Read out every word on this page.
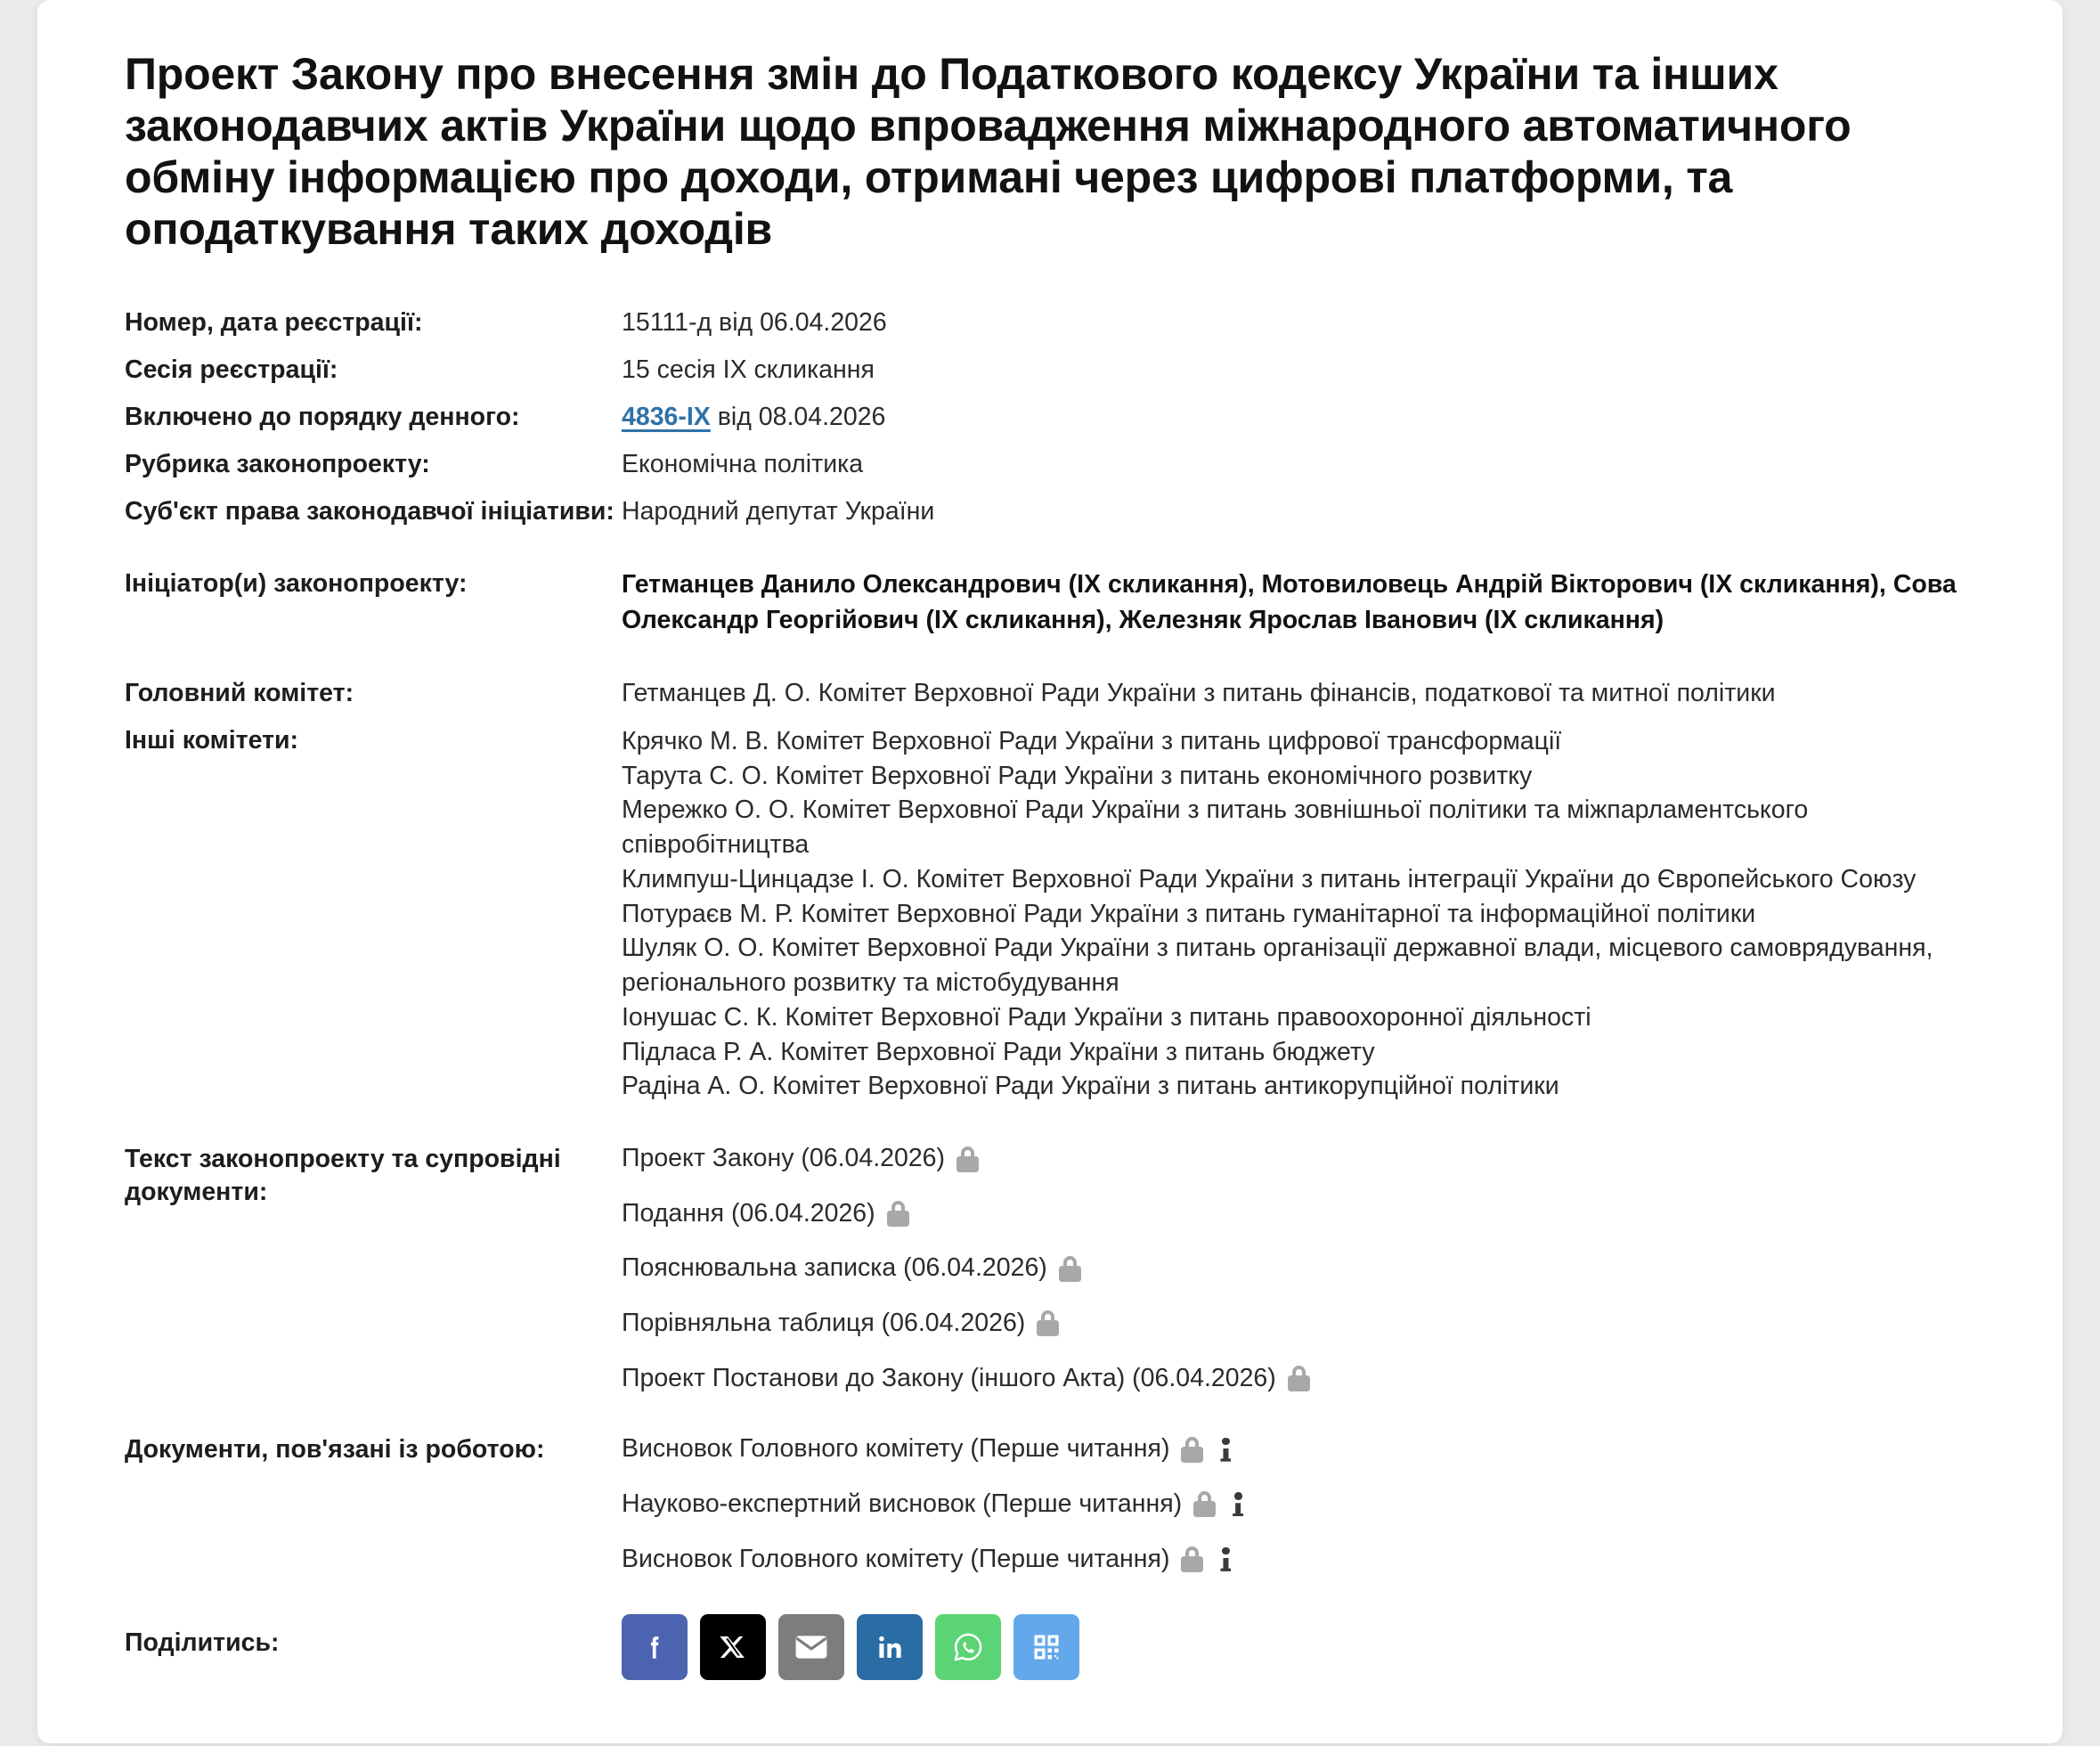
Проект Закону про внесення змін до Податкового кодексу України та інших законодавчих актів України щодо впровадження міжнародного автоматичного обміну інформацією про доходи, отримані через цифрові платформи, та оподаткування таких доходів
Номер, дата реєстрації:	15111-д від 06.04.2026
Сесія реєстрації:	15 сесія IX скликання
Включено до порядку денного:	4836-IX від 08.04.2026
Рубрика законопроекту:	Економічна політика
Суб'єкт права законодавчої ініціативи:	Народний депутат України
Ініціатор(и) законопроекту:	Гетманцев Данило Олександрович (IX скликання), Мотовиловець Андрій Вікторович (IX скликання), Сова Олександр Георгійович (IX скликання), Железняк Ярослав Іванович (IX скликання)

Головний комітет:	Гетманцев Д. О. Комітет Верховної Ради України з питань фінансів, податкової та митної політики
Інші комітети:	Крячко М. В. Комітет Верховної Ради України з питань цифрової трансформації
Тарута С. О. Комітет Верховної Ради України з питань економічного розвитку
Мережко О. О. Комітет Верховної Ради України з питань зовнішньої політики та міжпарламентського співробітництва
Климпуш-Цинцадзе І. О. Комітет Верховної Ради України з питань інтеграції України до Європейського Союзу
Потураєв М. Р. Комітет Верховної Ради України з питань гуманітарної та інформаційної політики
Шуляк О. О. Комітет Верховної Ради України з питань організації державної влади, місцевого самоврядування, регіонального розвитку та містобудування
Іонушас С. К. Комітет Верховної Ради України з питань правоохоронної діяльності
Підласа Р. А. Комітет Верховної Ради України з питань бюджету
Радіна А. О. Комітет Верховної Ради України з питань антикорупційної політики

Текст законопроекту та супровідні документи:	Проект Закону (06.04.2026)
Подання (06.04.2026)
Пояснювальна записка (06.04.2026)
Порівняльна таблиця (06.04.2026)
Проект Постанови до Закону (іншого Акта) (06.04.2026)

Документи, пов'язані із роботою:	Висновок Головного комітету (Перше читання)
Науково-експертний висновок (Перше читання)
Висновок Головного комітету (Перше читання)

Поділитись:	
